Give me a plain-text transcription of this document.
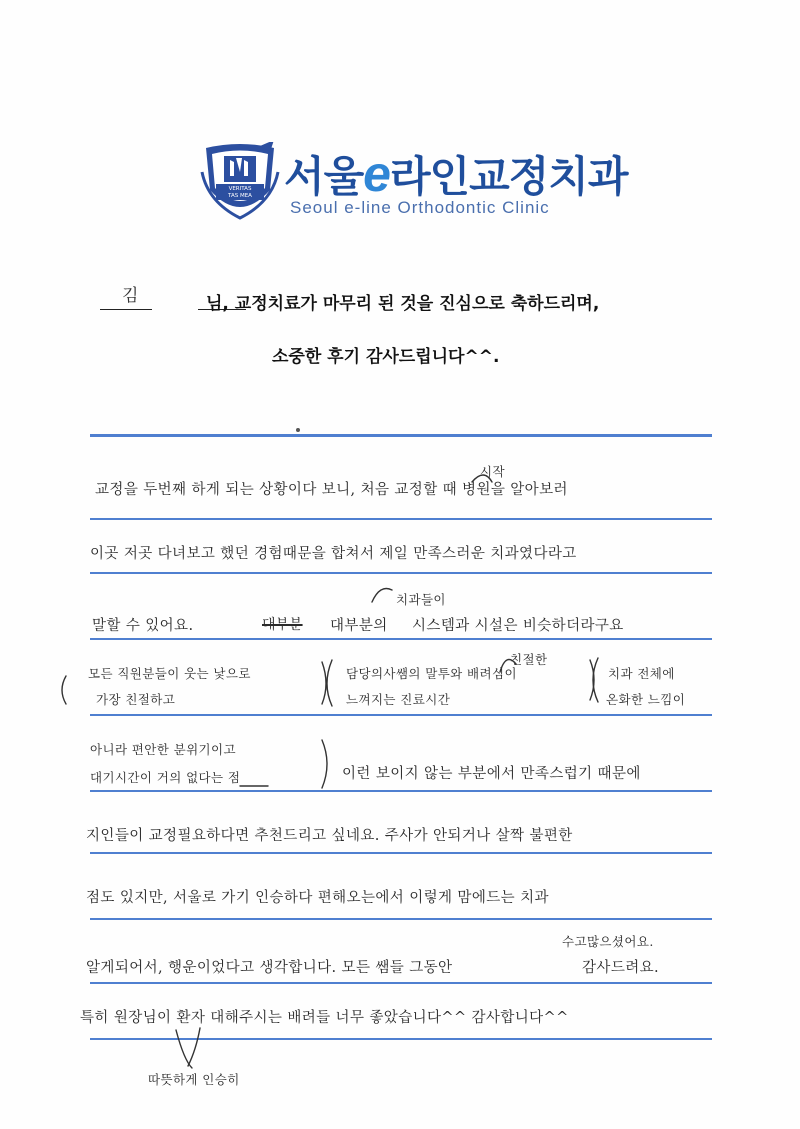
VERITAS
TAS MEA 서울e라인교정치과
Seoul e-line Orthodontic Clinic
김	님, 교정치료가 마무리 된 것을 진심으로 축하드리며,
소중한 후기 감사드립니다^^.
시작
교정을 두번째 하게 되는 상황이다 보니, 처음 교정할 때 병원을 알아보러
이곳 저곳 다녀보고 했던 경험때문을 합쳐서 제일 만족스러운 치과였다라고
치과들이
말할 수 있어요.	대부분 대부분의 시스템과 시설은 비슷하더라구요
모든 직원분들이 웃는 낯으로
가장 친절하고
친절한
담당의사쌤의 말투와 배려심이
느껴지는 진료시간
치과 전체에
온화한 느낌이
아니라 편안한 분위기이고
대기시간이 거의 없다는 점	이런 보이지 않는 부분에서 만족스럽기 때문에
지인들이 교정필요하다면 추천드리고 싶네요. 주사가 안되거나 살짝 불편한
점도 있지만, 서울로 가기 인승하다 편해오는에서 이렇게 맘에드는 치과
수고많으셨어요.
알게되어서, 행운이었다고 생각합니다. 모든 쌤들 그동안	감사드려요.
특히 원장님이 환자 대해주시는 배려들 너무 좋았습니다^^ 감사합니다^^
따뜻하게 인승히
